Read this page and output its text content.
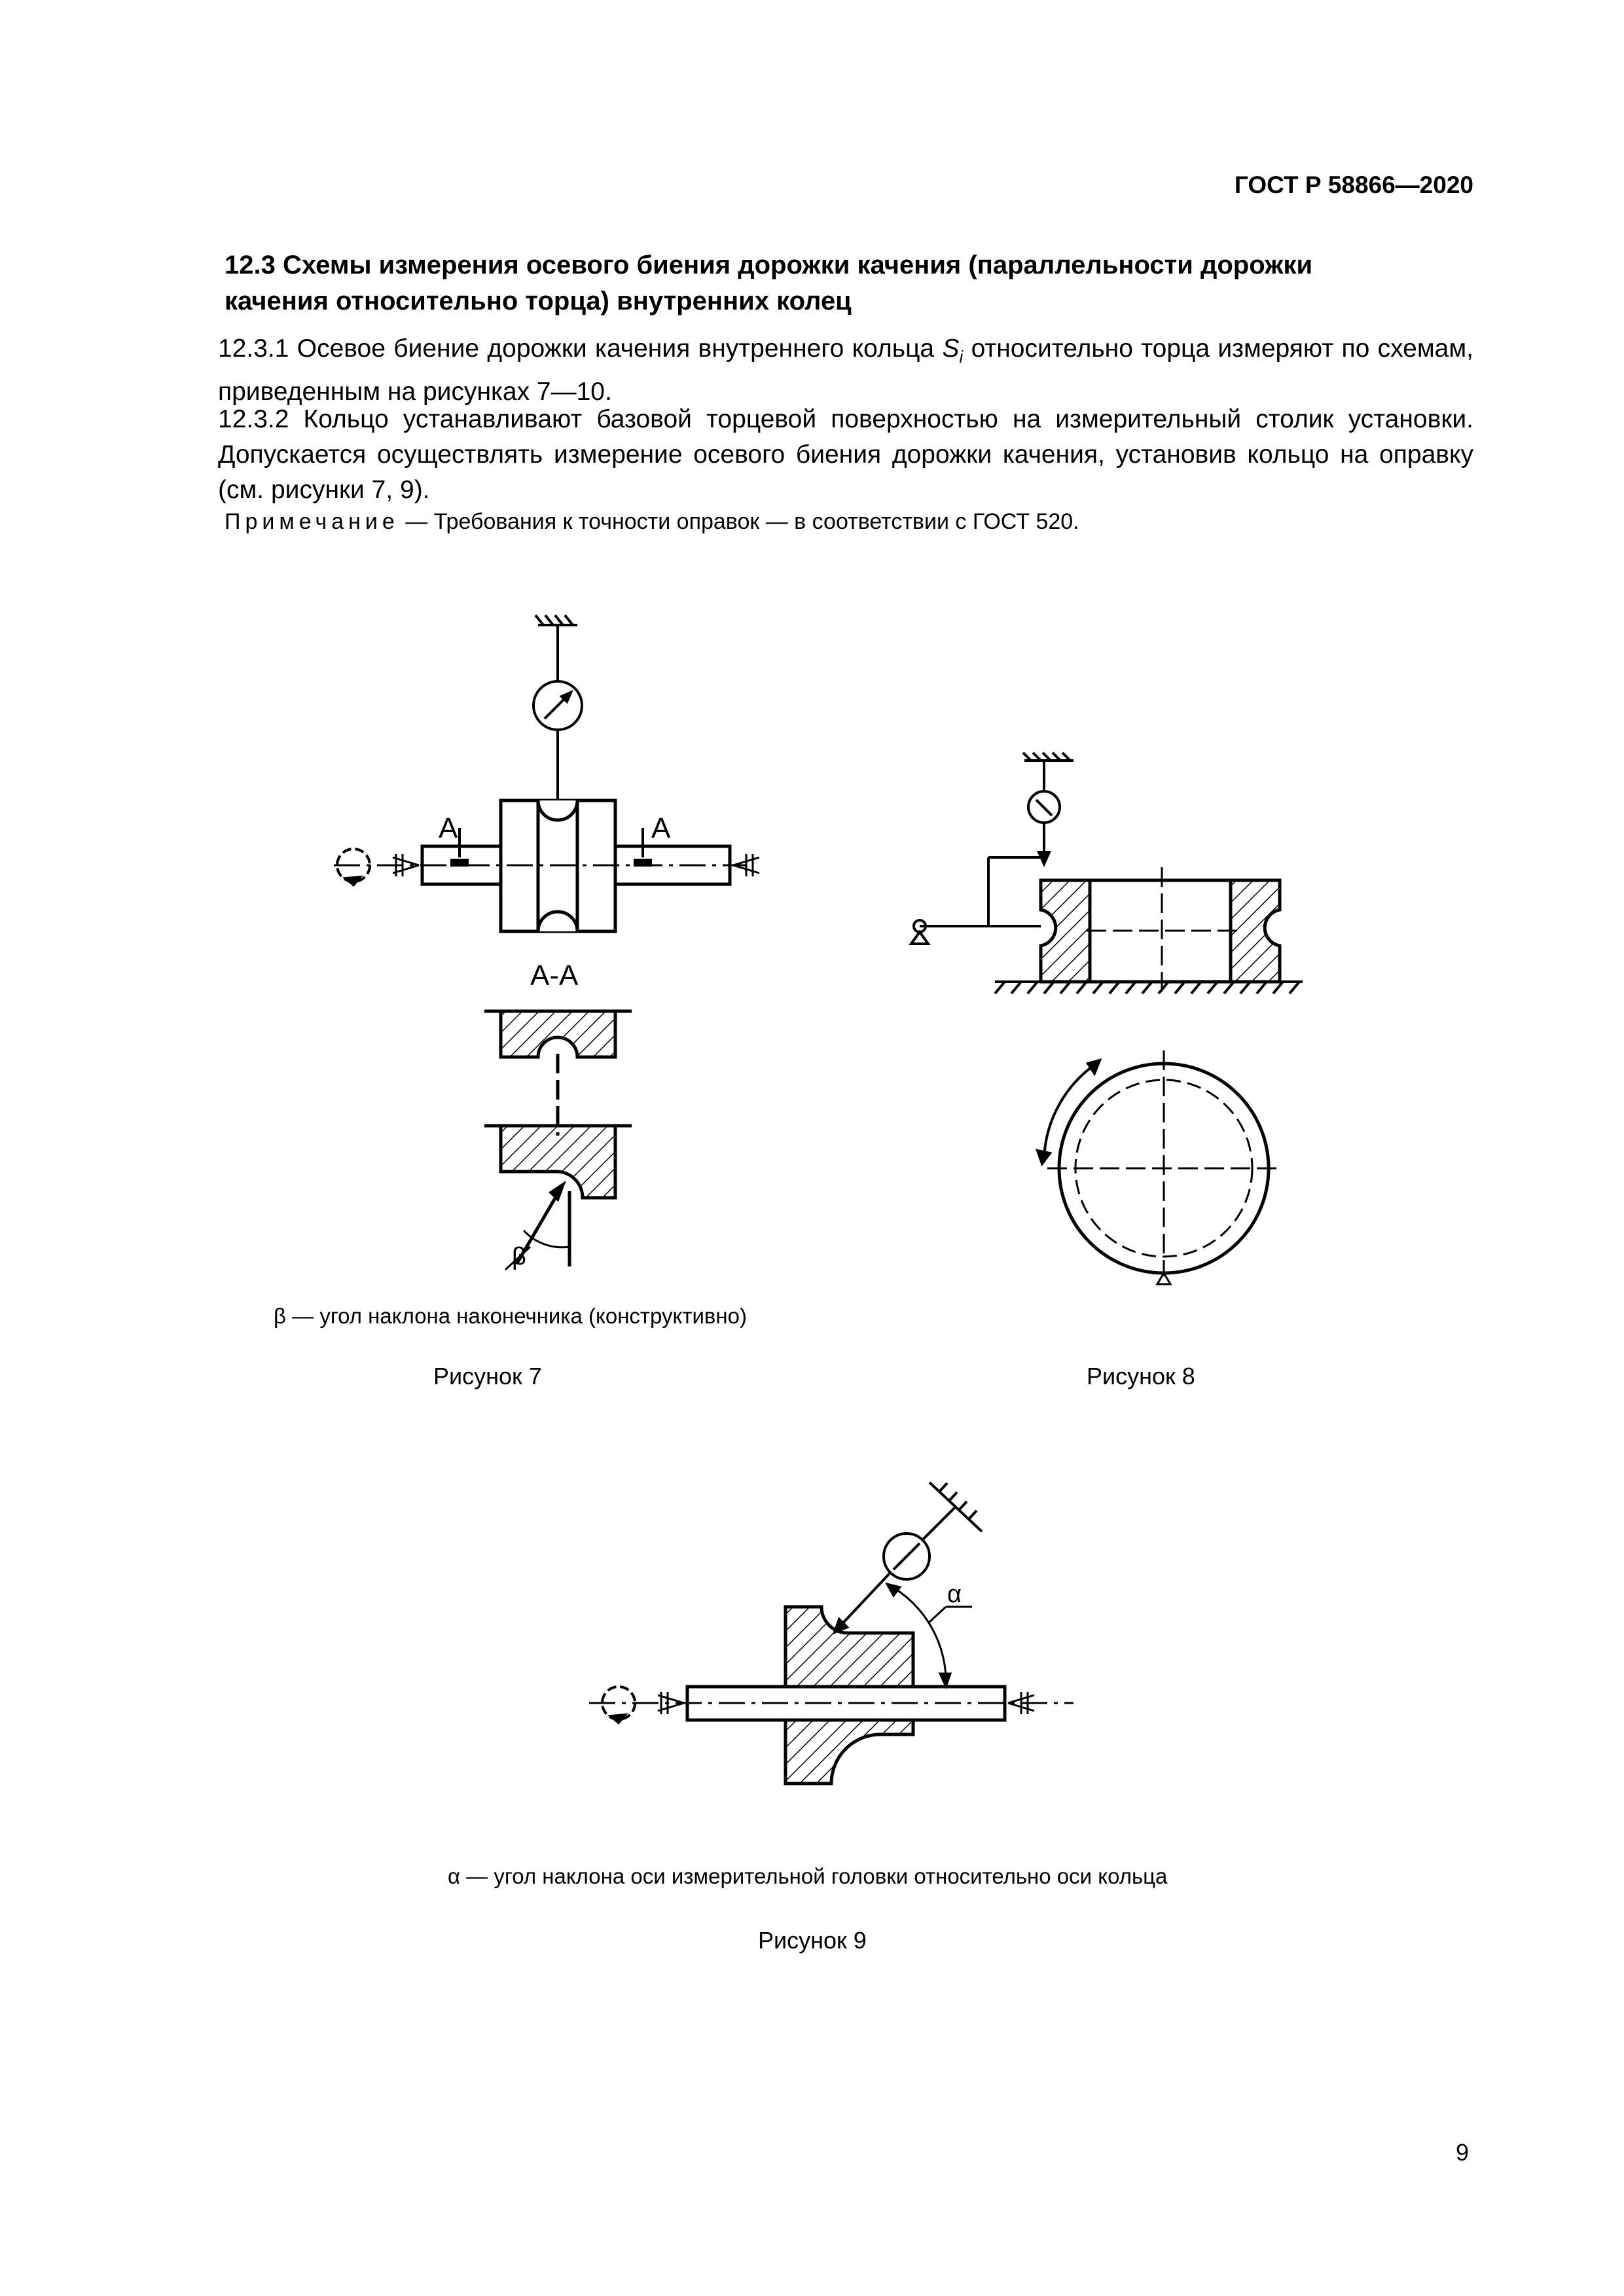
ГОСТ Р 58866—2020
12.3 Схемы измерения осевого биения дорожки качения (параллельности дорожки качения относительно торца) внутренних колец
12.3.1 Осевое биение дорожки качения внутреннего кольца $S_i$ относительно торца измеряют по схемам, приведенным на рисунках 7—10.
12.3.2 Кольцо устанавливают базовой торцевой поверхностью на измерительный столик установки. Допускается осуществлять измерение осевого биения дорожки качения, установив кольцо на оправку (см. рисунки 7, 9).
Примечание — Требования к точности оправок — в соответствии с ГОСТ 520.
A	A
А-А
β
β — угол наклона наконечника (конструктивно)
Рисунок 7	Рисунок 8
α
α — угол наклона оси измерительной головки относительно оси кольца
Рисунок 9
9
